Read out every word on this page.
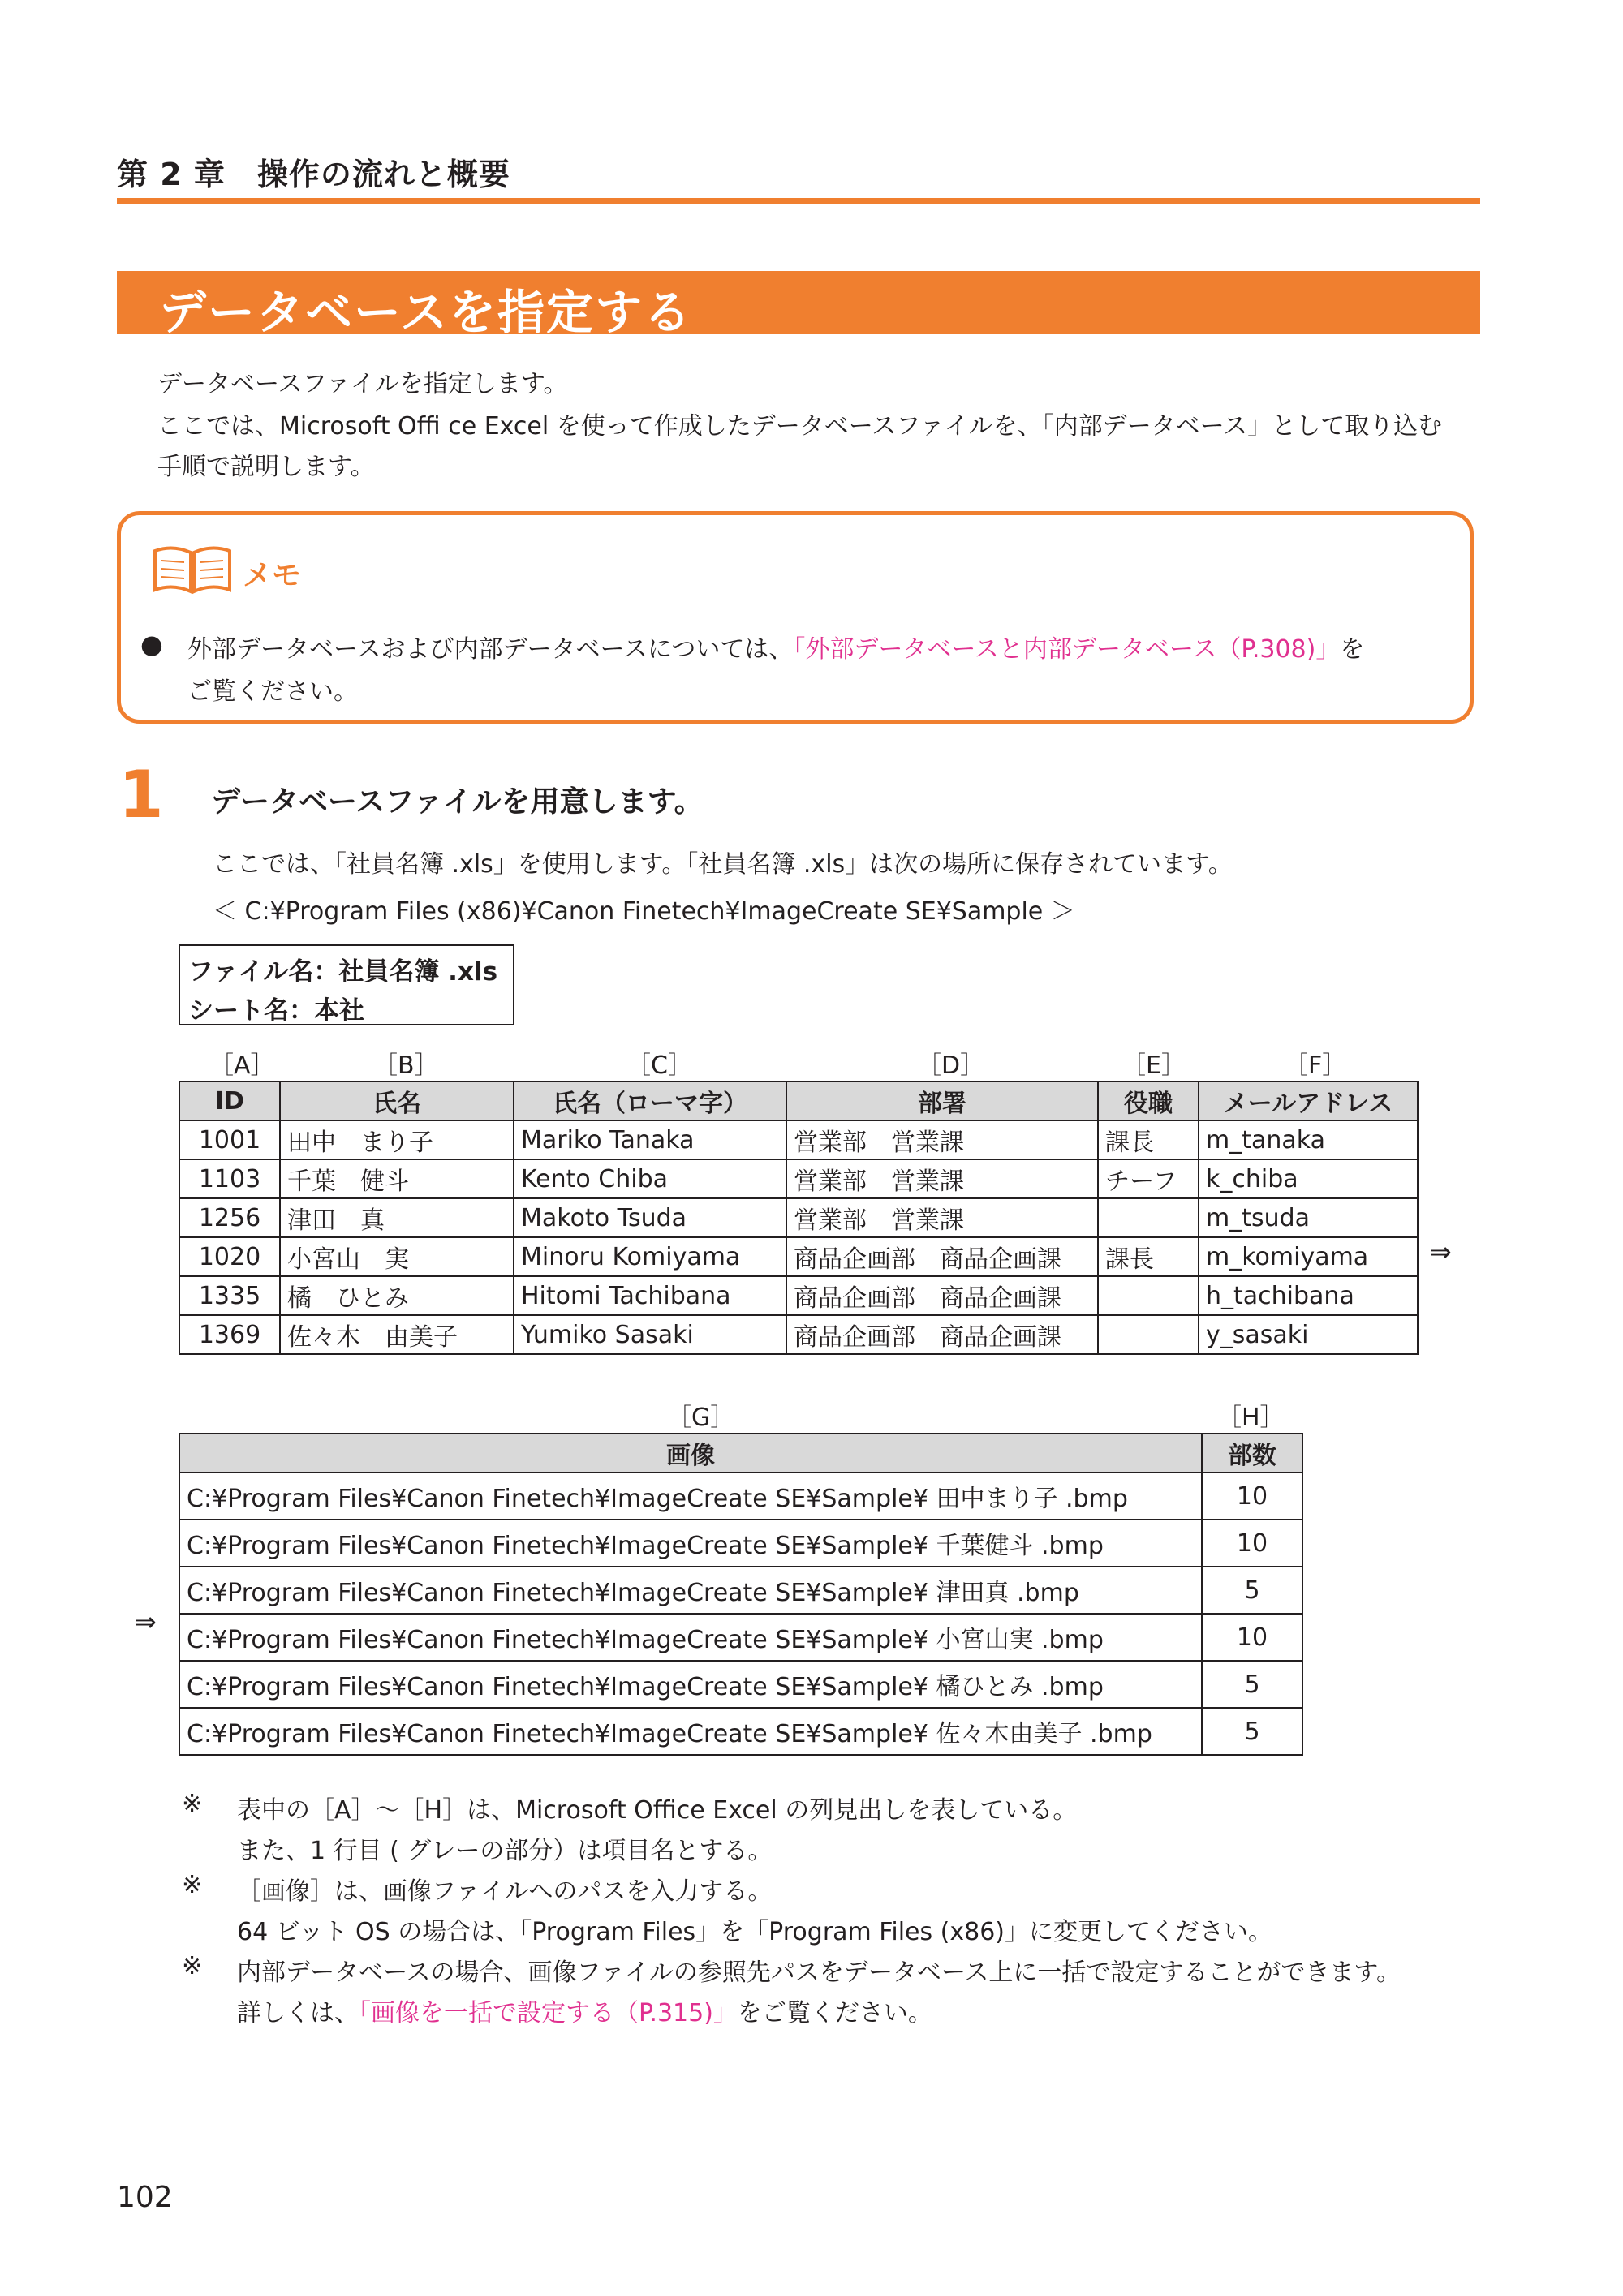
第 2 章　操作の流れと概要
データベースを指定する
データベースファイルを指定します。
ここでは、Microsoft Offi ce Excel を使って作成したデータベースファイルを、「内部データベース」として取り込む
手順で説明します。
メモ
● 外部データベースおよび内部データベースについては、「外部データベースと内部データベース（P.308)」を
ご覧ください。
1 データベースファイルを用意します。
ここでは、「社員名簿 .xls」を使用します。「社員名簿 .xls」は次の場所に保存されています。
＜ C:¥Program Files (x86)¥Canon Finetech¥ImageCreate SE¥Sample ＞
ファイル名：社員名簿 .xls
シート名：本社
［A］	［B］	［C］	［D］	［E］	［F］
ID	氏名	氏名（ローマ字）	部署	役職	メールアドレス
1001	田中　まり子	Mariko Tanaka	営業部　営業課	課長	m_tanaka
1103	千葉　健斗	Kento Chiba	営業部　営業課	チーフ	k_chiba
1256	津田　真	Makoto Tsuda	営業部　営業課		m_tsuda
1020	小宮山　実	Minoru Komiyama	商品企画部　商品企画課	課長	m_komiyama
1335	橘　ひとみ	Hitomi Tachibana	商品企画部　商品企画課		h_tachibana
1369	佐々木　由美子	Yumiko Sasaki	商品企画部　商品企画課		y_sasaki
⇒
［G］	［H］
画像	部数
C:¥Program Files¥Canon Finetech¥ImageCreate SE¥Sample¥ 田中まり子 .bmp	10
C:¥Program Files¥Canon Finetech¥ImageCreate SE¥Sample¥ 千葉健斗 .bmp	10
C:¥Program Files¥Canon Finetech¥ImageCreate SE¥Sample¥ 津田真 .bmp	5
C:¥Program Files¥Canon Finetech¥ImageCreate SE¥Sample¥ 小宮山実 .bmp	10
C:¥Program Files¥Canon Finetech¥ImageCreate SE¥Sample¥ 橘ひとみ .bmp	5
C:¥Program Files¥Canon Finetech¥ImageCreate SE¥Sample¥ 佐々木由美子 .bmp	5
⇒
※ 表中の［A］～［H］は、Microsoft Office Excel の列見出しを表している。
また、1 行目 ( グレーの部分）は項目名とする。
※ ［画像］は、画像ファイルへのパスを入力する。
64 ビット OS の場合は、「Program Files」を「Program Files (x86)」に変更してください。
※ 内部データベースの場合、画像ファイルの参照先パスをデータベース上に一括で設定することができます。
詳しくは、「画像を一括で設定する（P.315)」をご覧ください。
102
